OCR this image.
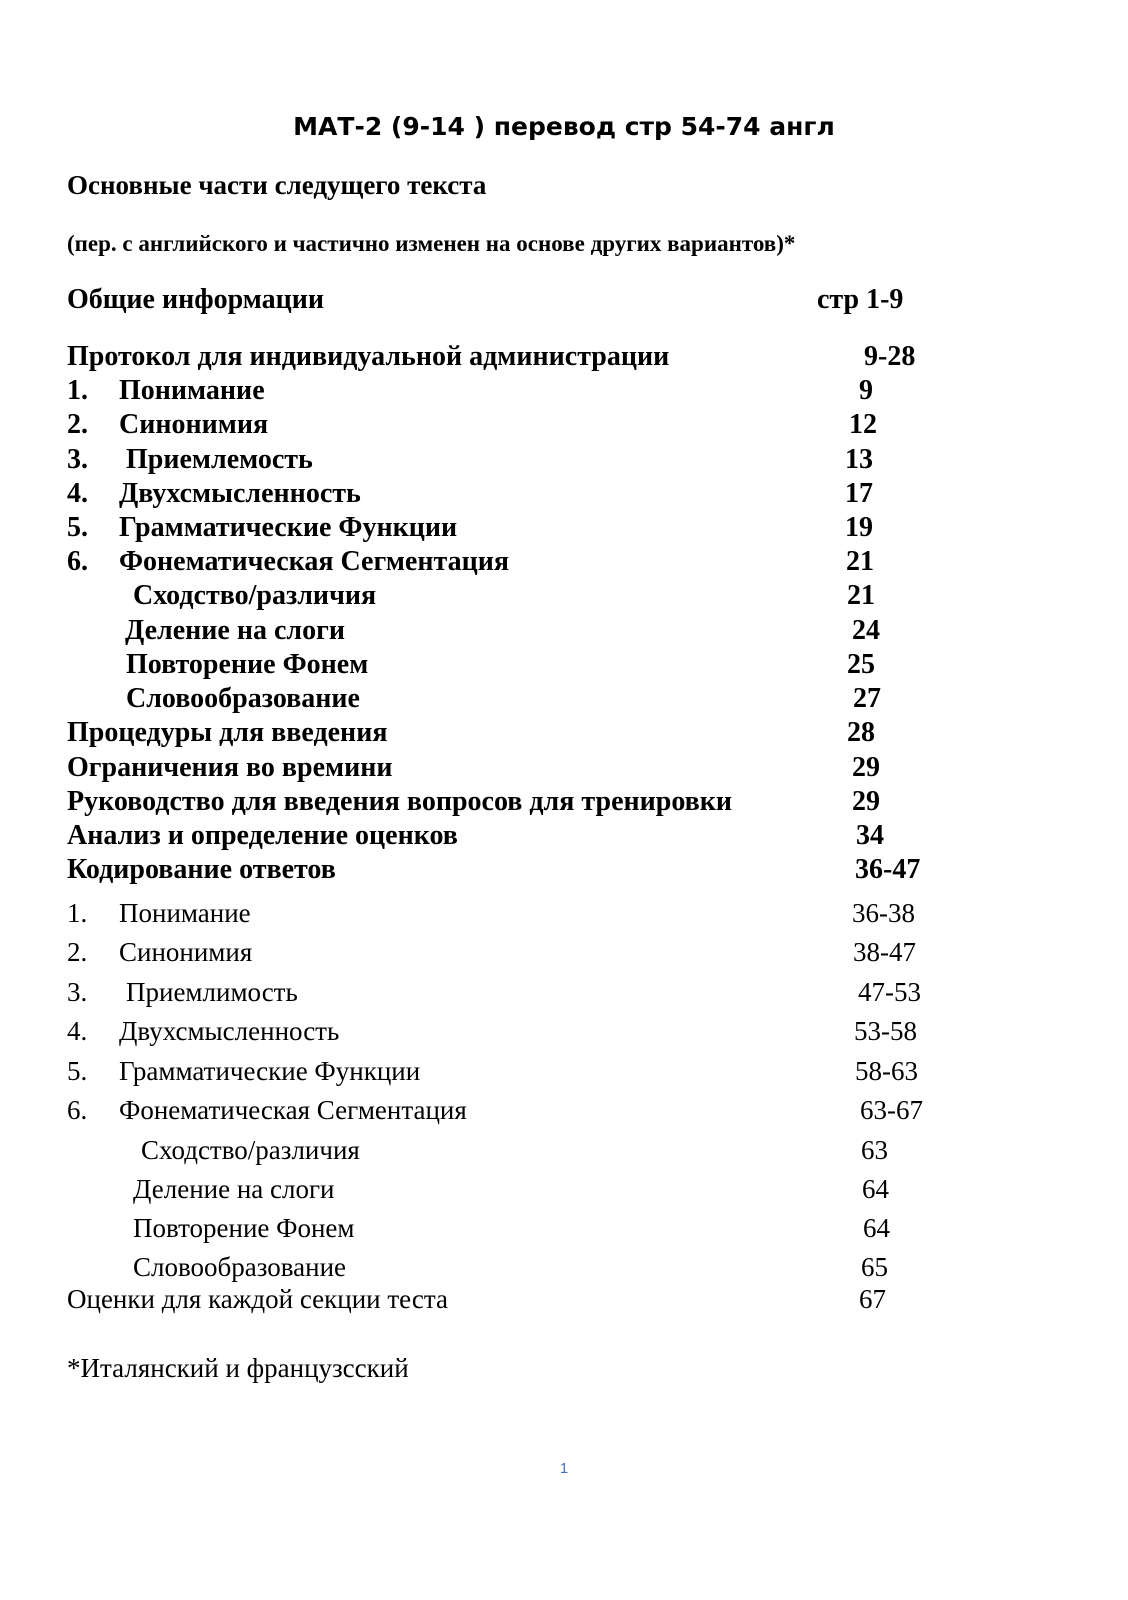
МАТ-2 (9-14 ) перевод стр 54-74 англ
Основные части следущего текста
(пер. с английского и частично изменен на основе других вариантов)*
Общие информации	стр 1-9
Протокол для индивидуальной администрации	9-28
1. Понимание	9
2. Синонимия	12
3. Приемлемость	13
4. Двухсмысленность	17
5. Грамматические Функции	19
6. Фонематическая Сегментация	21
Сходство/различия	21
Деление на слоги	24
Повторение Фонем	25
Словообразование	27
Процедуры для введения	28
Ограничения во времини	29
Руководство для введения вопросов для тренировки	29
Анализ и определение оценков	34
Кодирование ответов	36-47
1. Понимание	36-38
2. Синонимия	38-47
3. Приемлимость	47-53
4. Двухсмысленность	53-58
5. Грамматические Функции	58-63
6. Фонематическая Сегментация	63-67
Сходство/различия	63
Деление на слоги	64
Повторение Фонем	64
Словообразование	65
Оценки для каждой секции теста	67
*Италянский и французсский
1
